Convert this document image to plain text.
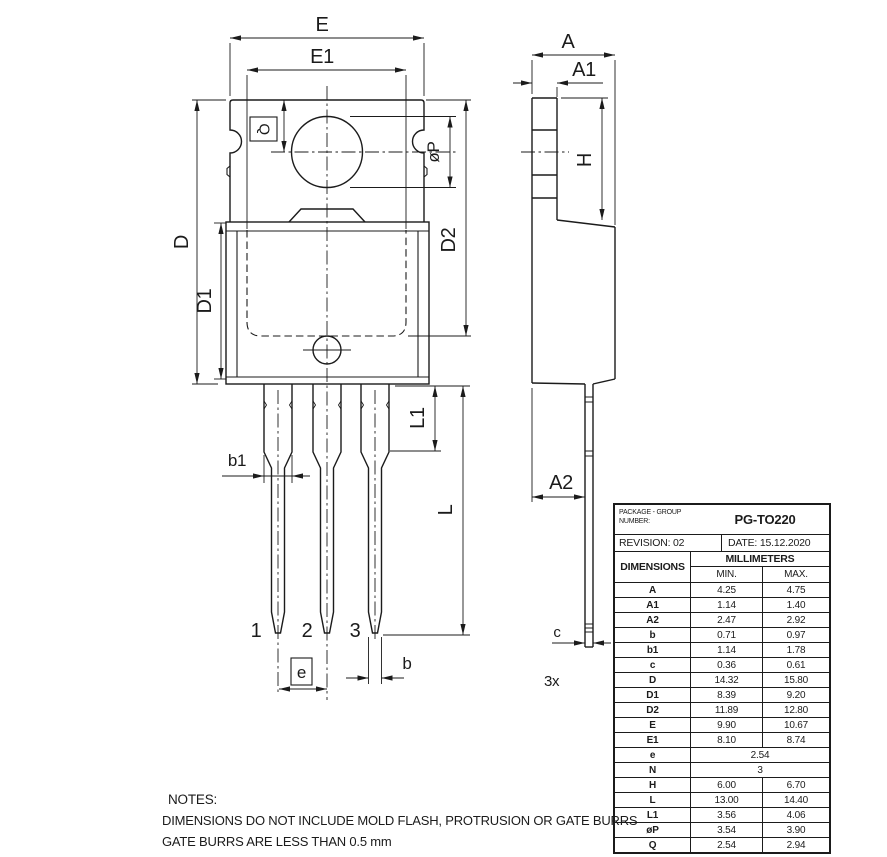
E
E1
Q
øP
D
D1
D2
1 2 3
b1
L1
L
e	b
A
A1
H
A2
c
3x
PACKAGE - GROUP
NUMBER:	PG-TO220
REVISION: 02	DATE: 15.12.2020
DIMENSIONS
MILLIMETERS
MIN.	MAX.
A	4.25	4.75
A1	1.14	1.40
A2	2.47	2.92
b	0.71	0.97
b1	1.14	1.78
c	0.36	0.61
D	14.32	15.80
D1	8.39	9.20
D2	11.89	12.80
E	9.90	10.67
E1	8.10	8.74
e	2.54
N	3
H	6.00	6.70
L	13.00	14.40
L1	3.56	4.06
øP	3.54	3.90
Q	2.54	2.94
NOTES:
DIMENSIONS DO NOT INCLUDE MOLD FLASH, PROTRUSION OR GATE BURRS
GATE BURRS ARE LESS THAN 0.5 mm
